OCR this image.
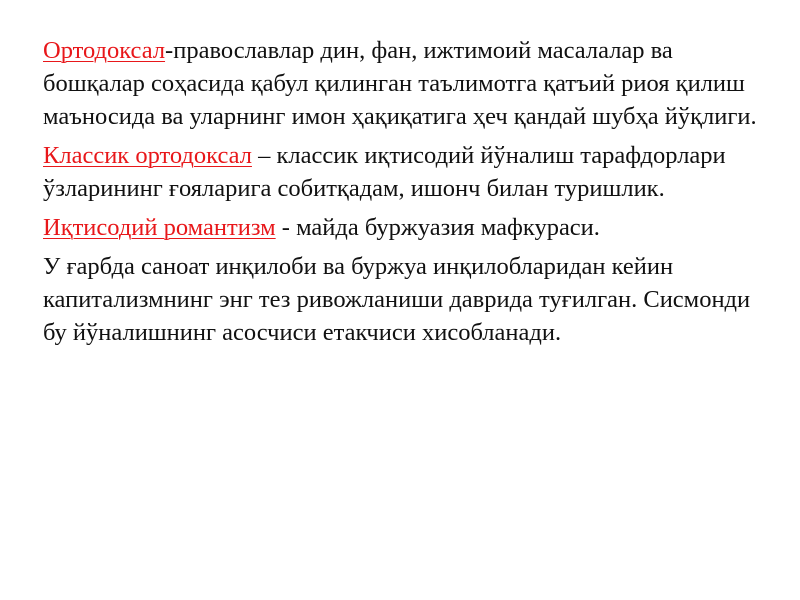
Ортодоксал-православлар дин, фан, ижтимоий масалалар ва бошқалар соҳасида қабул қилинган таълимотга қатъий риоя қилиш маъносида ва уларнинг имон ҳақиқатига ҳеч қандай шубҳа йўқлиги.

Классик ортодоксал – классик иқтисодий йўналиш тарафдорлари ўзларининг ғояларига собитқадам, ишонч билан туришлик.

Иқтисодий романтизм - майда буржуазия мафкураси.

У ғарбда саноат инқилоби ва буржуа инқилобларидан кейин капитализмнинг энг тез ривожланиши даврида туғилган. Сисмонди бу йўналишнинг асосчиси етакчиси хисобланади.
